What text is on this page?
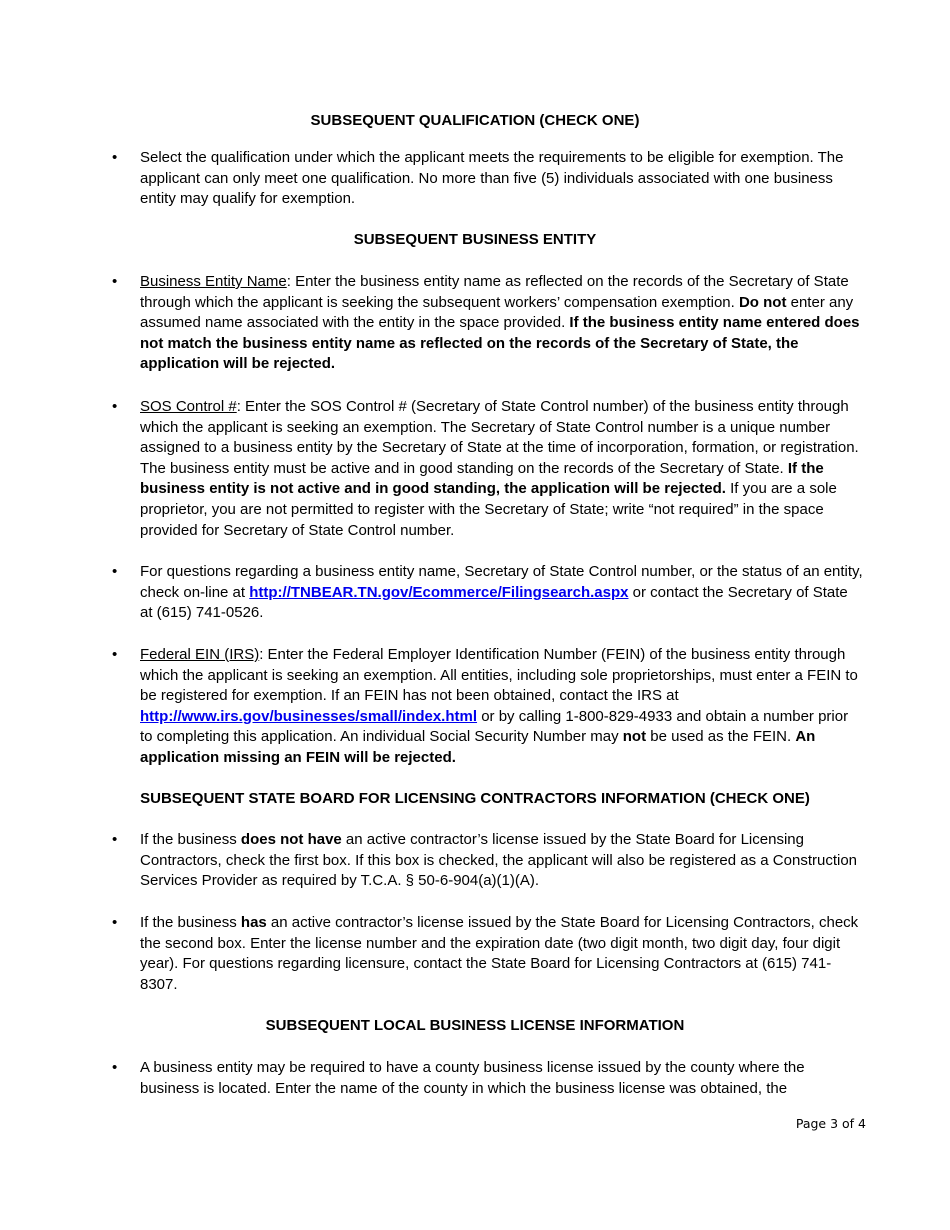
SUBSEQUENT QUALIFICATION (CHECK ONE)
• Select the qualification under which the applicant meets the requirements to be eligible for exemption. The applicant can only meet one qualification. No more than five (5) individuals associated with one business entity may qualify for exemption.
SUBSEQUENT BUSINESS ENTITY
• Business Entity Name: Enter the business entity name as reflected on the records of the Secretary of State through which the applicant is seeking the subsequent workers’ compensation exemption. Do not enter any assumed name associated with the entity in the space provided. If the business entity name entered does not match the business entity name as reflected on the records of the Secretary of State, the application will be rejected.
• SOS Control #: Enter the SOS Control # (Secretary of State Control number) of the business entity through which the applicant is seeking an exemption. The Secretary of State Control number is a unique number assigned to a business entity by the Secretary of State at the time of incorporation, formation, or registration. The business entity must be active and in good standing on the records of the Secretary of State. If the business entity is not active and in good standing, the application will be rejected. If you are a sole proprietor, you are not permitted to register with the Secretary of State; write “not required” in the space provided for Secretary of State Control number.
• For questions regarding a business entity name, Secretary of State Control number, or the status of an entity, check on-line at http://TNBEAR.TN.gov/Ecommerce/Filingsearch.aspx or contact the Secretary of State at (615) 741-0526.
• Federal EIN (IRS): Enter the Federal Employer Identification Number (FEIN) of the business entity through which the applicant is seeking an exemption. All entities, including sole proprietorships, must enter a FEIN to be registered for exemption. If an FEIN has not been obtained, contact the IRS at http://www.irs.gov/businesses/small/index.html or by calling 1-800-829-4933 and obtain a number prior to completing this application. An individual Social Security Number may not be used as the FEIN. An application missing an FEIN will be rejected.
SUBSEQUENT STATE BOARD FOR LICENSING CONTRACTORS INFORMATION (CHECK ONE)
• If the business does not have an active contractor’s license issued by the State Board for Licensing Contractors, check the first box. If this box is checked, the applicant will also be registered as a Construction Services Provider as required by T.C.A. § 50-6-904(a)(1)(A).
• If the business has an active contractor’s license issued by the State Board for Licensing Contractors, check the second box. Enter the license number and the expiration date (two digit month, two digit day, four digit year). For questions regarding licensure, contact the State Board for Licensing Contractors at (615) 741-8307.
SUBSEQUENT LOCAL BUSINESS LICENSE INFORMATION
• A business entity may be required to have a county business license issued by the county where the business is located. Enter the name of the county in which the business license was obtained, the
Page 3 of 4
